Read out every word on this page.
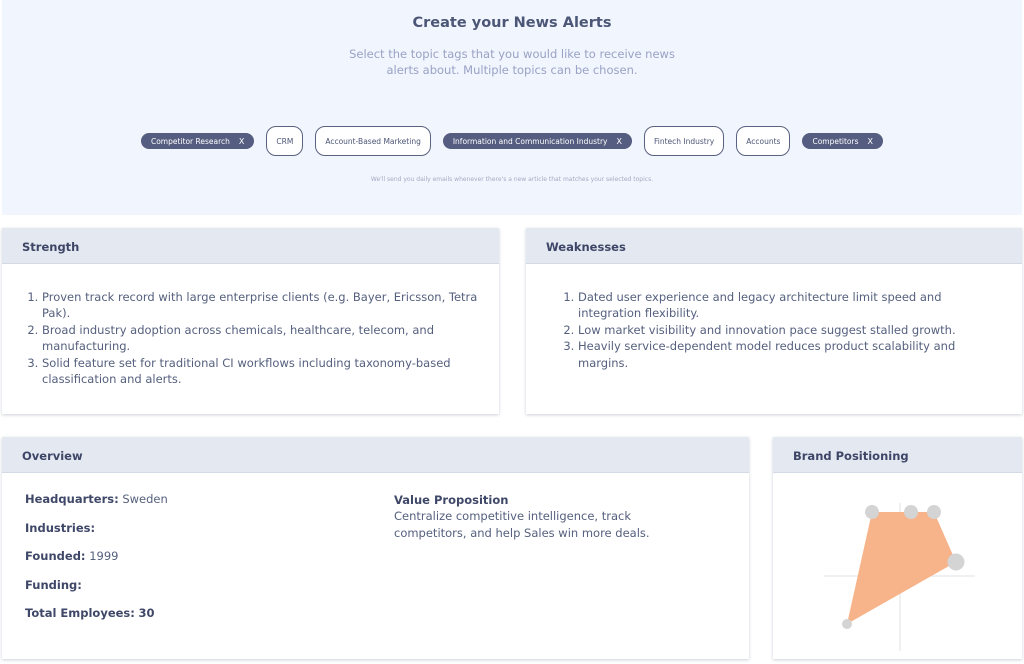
Create your News Alerts
Select the topic tags that you would like to receive news alerts about. Multiple topics can be chosen.
Competitor Research X	CRM	Account-Based Marketing	Information and Communication Industry X	Fintech Industry	Accounts	Competitors X
We'll send you daily emails whenever there's a new article that matches your selected topics.
Strength
1. Proven track record with large enterprise clients (e.g. Bayer, Ericsson, Tetra Pak).
2. Broad industry adoption across chemicals, healthcare, telecom, and manufacturing.
3. Solid feature set for traditional CI workflows including taxonomy-based classification and alerts.
Weaknesses
1. Dated user experience and legacy architecture limit speed and integration flexibility.
2. Low market visibility and innovation pace suggest stalled growth.
3. Heavily service-dependent model reduces product scalability and margins.
Overview
Headquarters: Sweden
Industries:
Founded: 1999
Funding:
Total Employees: 30
Value Proposition
Centralize competitive intelligence, track competitors, and help Sales win more deals.
Brand Positioning
